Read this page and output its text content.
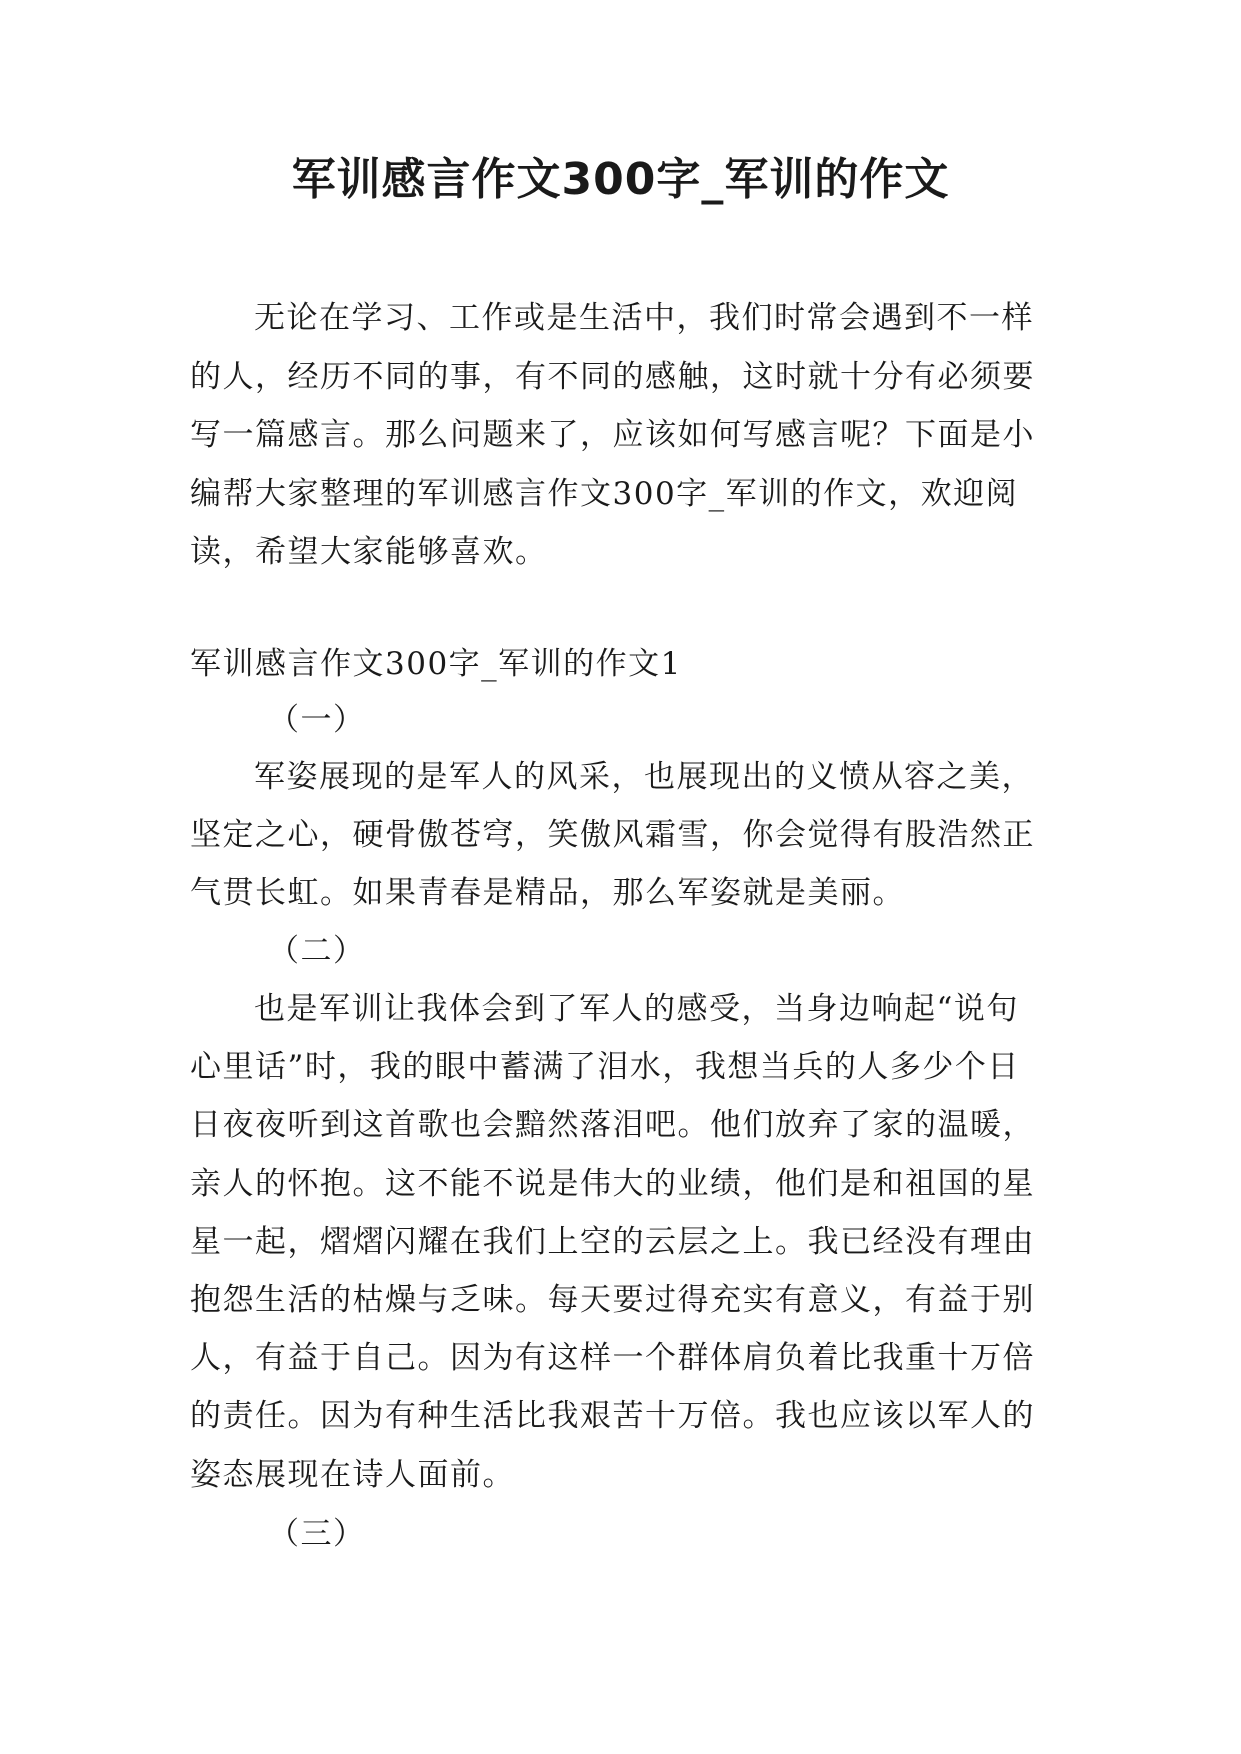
军训感言作文300字_军训的作文
无论在学习、工作或是生活中，我们时常会遇到不一样
的人，经历不同的事，有不同的感触，这时就十分有必须要
写一篇感言。那么问题来了，应该如何写感言呢？下面是小
编帮大家整理的军训感言作文300字_军训的作文，欢迎阅
读，希望大家能够喜欢。
军训感言作文300字_军训的作文1
（一）
军姿展现的是军人的风采，也展现出的义愤从容之美，
坚定之心，硬骨傲苍穹，笑傲风霜雪，你会觉得有股浩然正
气贯长虹。如果青春是精品，那么军姿就是美丽。
（二）
也是军训让我体会到了军人的感受，当身边响起“说句
心里话”时，我的眼中蓄满了泪水，我想当兵的人多少个日
日夜夜听到这首歌也会黯然落泪吧。他们放弃了家的温暖，
亲人的怀抱。这不能不说是伟大的业绩，他们是和祖国的星
星一起，熠熠闪耀在我们上空的云层之上。我已经没有理由
抱怨生活的枯燥与乏味。每天要过得充实有意义，有益于别
人，有益于自己。因为有这样一个群体肩负着比我重十万倍
的责任。因为有种生活比我艰苦十万倍。我也应该以军人的
姿态展现在诗人面前。
（三）
